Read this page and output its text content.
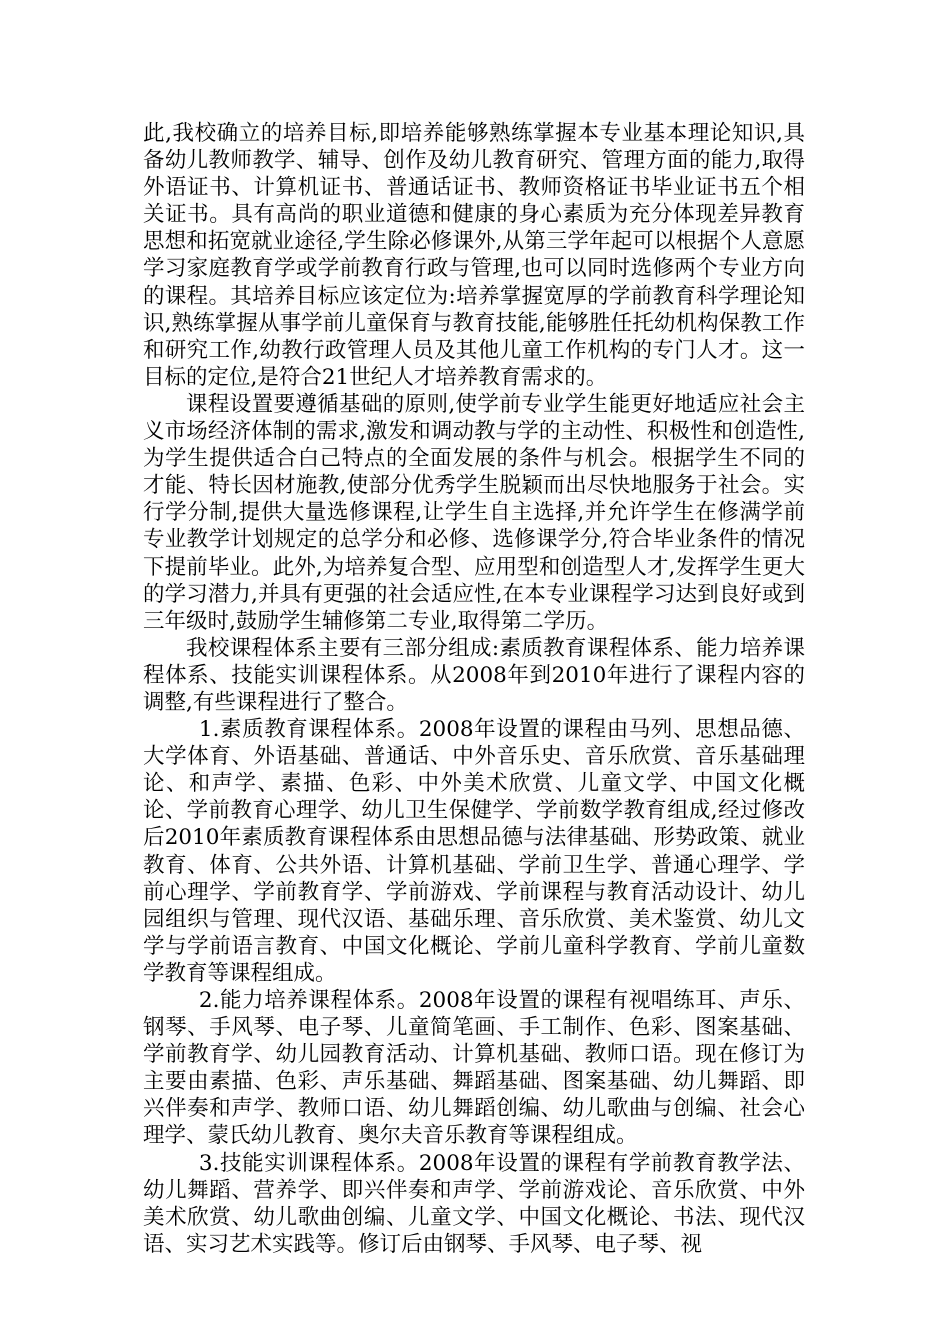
此,我校确立的培养目标,即培养能够熟练掌握本专业基本理论知识,具备幼儿教师教学、辅导、创作及幼儿教育研究、管理方面的能力,取得外语证书、计算机证书、普通话证书、教师资格证书毕业证书五个相关证书。具有高尚的职业道德和健康的身心素质为充分体现差异教育思想和拓宽就业途径,学生除必修课外,从第三学年起可以根据个人意愿学习家庭教育学或学前教育行政与管理,也可以同时选修两个专业方向的课程。其培养目标应该定位为:培养掌握宽厚的学前教育科学理论知识,熟练掌握从事学前儿童保育与教育技能,能够胜任托幼机构保教工作和研究工作,幼教行政管理人员及其他儿童工作机构的专门人才。这一目标的定位,是符合21世纪人才培养教育需求的。

课程设置要遵循基础的原则,使学前专业学生能更好地适应社会主义市场经济体制的需求,激发和调动教与学的主动性、积极性和创造性,为学生提供适合白己特点的全面发展的条件与机会。根据学生不同的才能、特长因材施教,使部分优秀学生脱颖而出尽快地服务于社会。实行学分制,提供大量选修课程,让学生自主选择,并允许学生在修满学前专业教学计划规定的总学分和必修、选修课学分,符合毕业条件的情况下提前毕业。此外,为培养复合型、应用型和创造型人才,发挥学生更大的学习潜力,并具有更强的社会适应性,在本专业课程学习达到良好或到三年级时,鼓励学生辅修第二专业,取得第二学历。

我校课程体系主要有三部分组成:素质教育课程体系、能力培养课程体系、技能实训课程体系。从2008年到2010年进行了课程内容的调整,有些课程进行了整合。

1.素质教育课程体系。2008年设置的课程由马列、思想品德、大学体育、外语基础、普通话、中外音乐史、音乐欣赏、音乐基础理论、和声学、素描、色彩、中外美术欣赏、儿童文学、中国文化概论、学前教育心理学、幼儿卫生保健学、学前数学教育组成,经过修改后2010年素质教育课程体系由思想品德与法律基础、形势政策、就业教育、体育、公共外语、计算机基础、学前卫生学、普通心理学、学前心理学、学前教育学、学前游戏、学前课程与教育活动设计、幼儿园组织与管理、现代汉语、基础乐理、音乐欣赏、美术鉴赏、幼儿文学与学前语言教育、中国文化概论、学前儿童科学教育、学前儿童数学教育等课程组成。

2.能力培养课程体系。2008年设置的课程有视唱练耳、声乐、钢琴、手风琴、电子琴、儿童简笔画、手工制作、色彩、图案基础、学前教育学、幼儿园教育活动、计算机基础、教师口语。现在修订为主要由素描、色彩、声乐基础、舞蹈基础、图案基础、幼儿舞蹈、即兴伴奏和声学、教师口语、幼儿舞蹈创编、幼儿歌曲与创编、社会心理学、蒙氏幼儿教育、奥尔夫音乐教育等课程组成。

3.技能实训课程体系。2008年设置的课程有学前教育教学法、幼儿舞蹈、营养学、即兴伴奏和声学、学前游戏论、音乐欣赏、中外美术欣赏、幼儿歌曲创编、儿童文学、中国文化概论、书法、现代汉语、实习艺术实践等。修订后由钢琴、手风琴、电子琴、视
